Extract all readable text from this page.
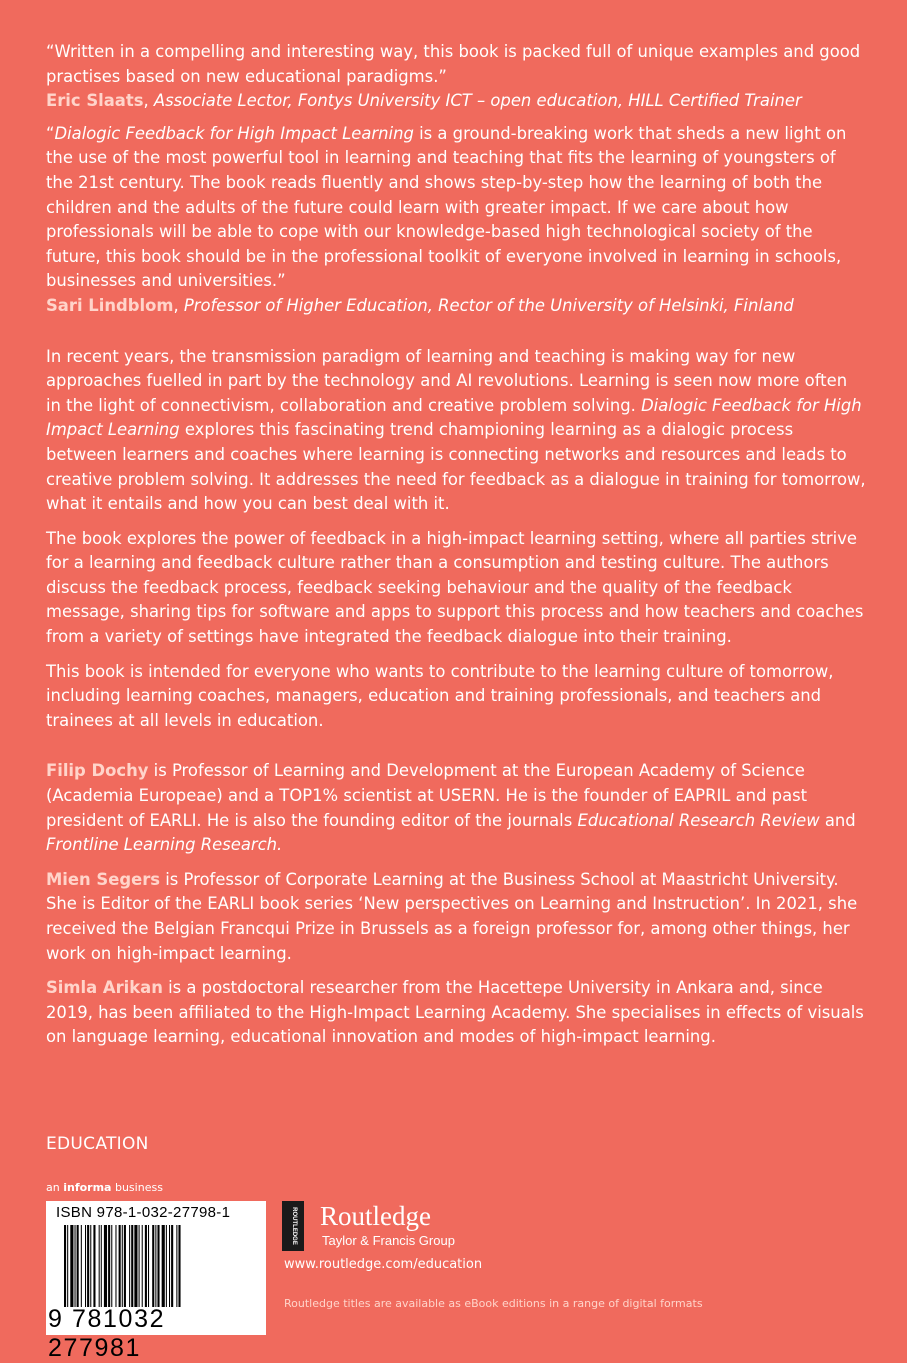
“Written in a compelling and interesting way, this book is packed full of unique examples and good practises based on new educational paradigms.”

Eric Slaats, Associate Lector, Fontys University ICT – open education, HILL Certified Trainer

“Dialogic Feedback for High Impact Learning is a ground-breaking work that sheds a new light on the use of the most powerful tool in learning and teaching that fits the learning of youngsters of the 21st century. The book reads fluently and shows step-by-step how the learning of both the children and the adults of the future could learn with greater impact. If we care about how professionals will be able to cope with our knowledge-based high technological society of the future, this book should be in the professional toolkit of everyone involved in learning in schools, businesses and universities.”

Sari Lindblom, Professor of Higher Education, Rector of the University of Helsinki, Finland

In recent years, the transmission paradigm of learning and teaching is making way for new approaches fuelled in part by the technology and AI revolutions. Learning is seen now more often in the light of connectivism, collaboration and creative problem solving. Dialogic Feedback for High Impact Learning explores this fascinating trend championing learning as a dialogic process between learners and coaches where learning is connecting networks and resources and leads to creative problem solving. It addresses the need for feedback as a dialogue in training for tomorrow, what it entails and how you can best deal with it.

The book explores the power of feedback in a high-impact learning setting, where all parties strive for a learning and feedback culture rather than a consumption and testing culture. The authors discuss the feedback process, feedback seeking behaviour and the quality of the feedback message, sharing tips for software and apps to support this process and how teachers and coaches from a variety of settings have integrated the feedback dialogue into their training.

This book is intended for everyone who wants to contribute to the learning culture of tomorrow, including learning coaches, managers, education and training professionals, and teachers and trainees at all levels in education.

Filip Dochy is Professor of Learning and Development at the European Academy of Science (Academia Europeae) and a TOP1% scientist at USERN. He is the founder of EAPRIL and past president of EARLI. He is also the founding editor of the journals Educational Research Review and Frontline Learning Research.

Mien Segers is Professor of Corporate Learning at the Business School at Maastricht University. She is Editor of the EARLI book series ‘New perspectives on Learning and Instruction’. In 2021, she received the Belgian Francqui Prize in Brussels as a foreign professor for, among other things, her work on high-impact learning.

Simla Arikan is a postdoctoral researcher from the Hacettepe University in Ankara and, since 2019, has been affiliated to the High-Impact Learning Academy. She specialises in effects of visuals on language learning, educational innovation and modes of high-impact learning.

EDUCATION
an informa business
ISBN 978-1-032-27798-1
9 781032 277981
ROUTLEDGE Routledge
Taylor & Francis Group
www.routledge.com/education
Routledge titles are available as eBook editions in a range of digital formats
